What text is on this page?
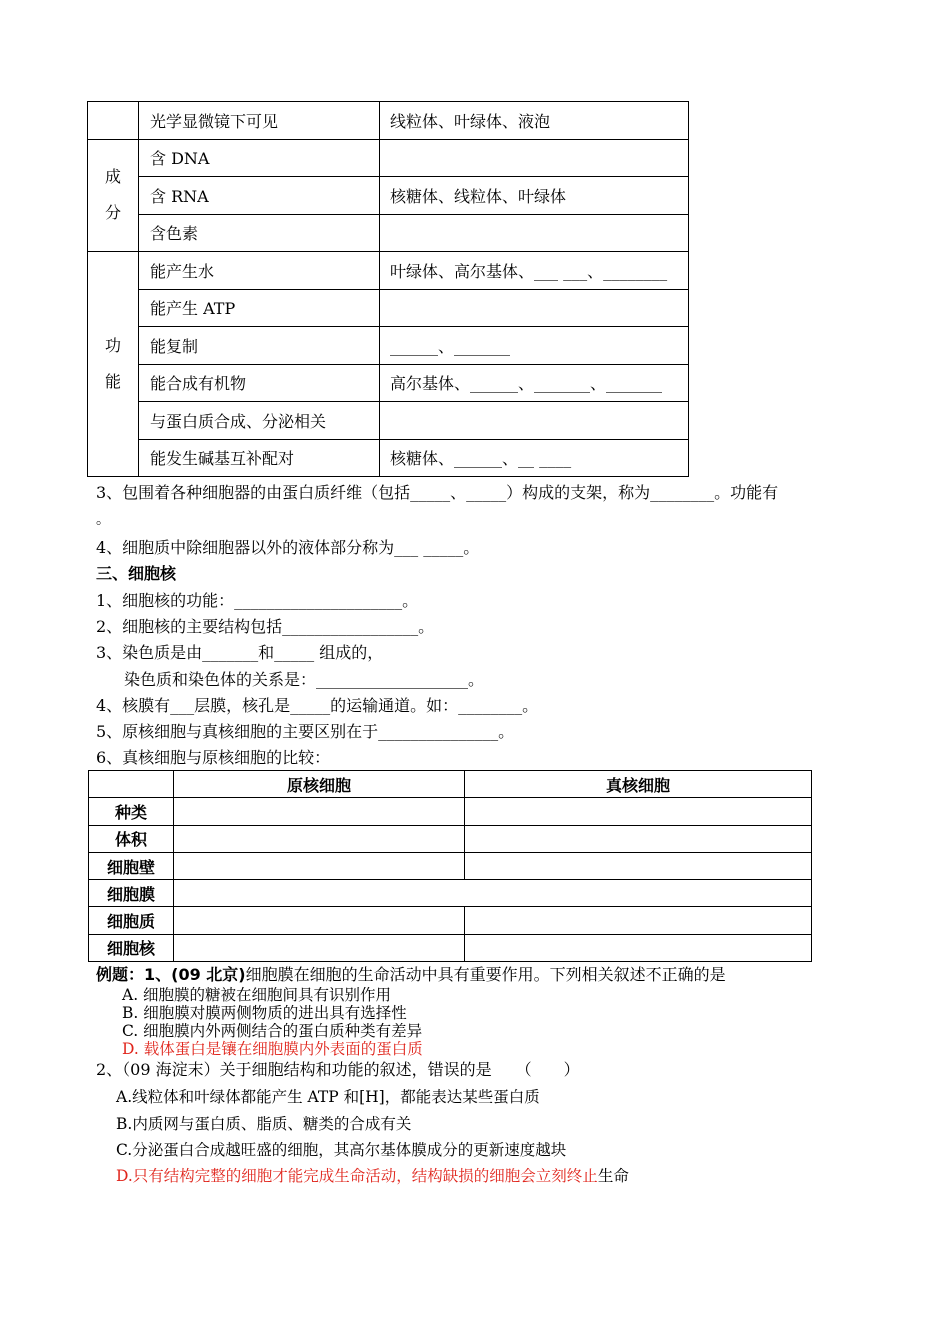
	光学显微镜下可见	线粒体、叶绿体、液泡

成
分	含 DNA	
	含 RNA	核糖体、线粒体、叶绿体
	含色素	

功
能	能产生水	叶绿体、高尔基体、___ ___、________
	能产生 ATP	
	能复制	______、_______
	能合成有机物	高尔基体、______、_______、_______
	与蛋白质合成、分泌相关	
	能发生碱基互补配对	核糖体、______、__ ____
3、包围着各种细胞器的由蛋白质纤维（包括_____、_____）构成的支架，称为________。功能有
。
4、细胞质中除细胞器以外的液体部分称为___ _____。
三、细胞核
1、细胞核的功能：_____________________。
2、细胞核的主要结构包括_________________。
3、染色质是由_______和_____ 组成的，
染色质和染色体的关系是：___________________。
4、核膜有___层膜，核孔是_____的运输通道。如：________。
5、原核细胞与真核细胞的主要区别在于_______________。
6、真核细胞与原核细胞的比较：
	原核细胞	真核细胞
种类		
体积		
细胞壁		
细胞膜		
细胞质		
细胞核		
例题：1、(09 北京)细胞膜在细胞的生命活动中具有重要作用。下列相关叙述不正确的是
A. 细胞膜的糖被在细胞间具有识别作用
B. 细胞膜对膜两侧物质的进出具有选择性
C. 细胞膜内外两侧结合的蛋白质种类有差异
D. 载体蛋白是镶在细胞膜内外表面的蛋白质
2、（09 海淀末）关于细胞结构和功能的叙述，错误的是　　（　　）
A.线粒体和叶绿体都能产生 ATP 和[H]，都能表达某些蛋白质
B.内质网与蛋白质、脂质、糖类的合成有关
C.分泌蛋白合成越旺盛的细胞，其高尔基体膜成分的更新速度越块
D.只有结构完整的细胞才能完成生命活动，结构缺损的细胞会立刻终止生命
